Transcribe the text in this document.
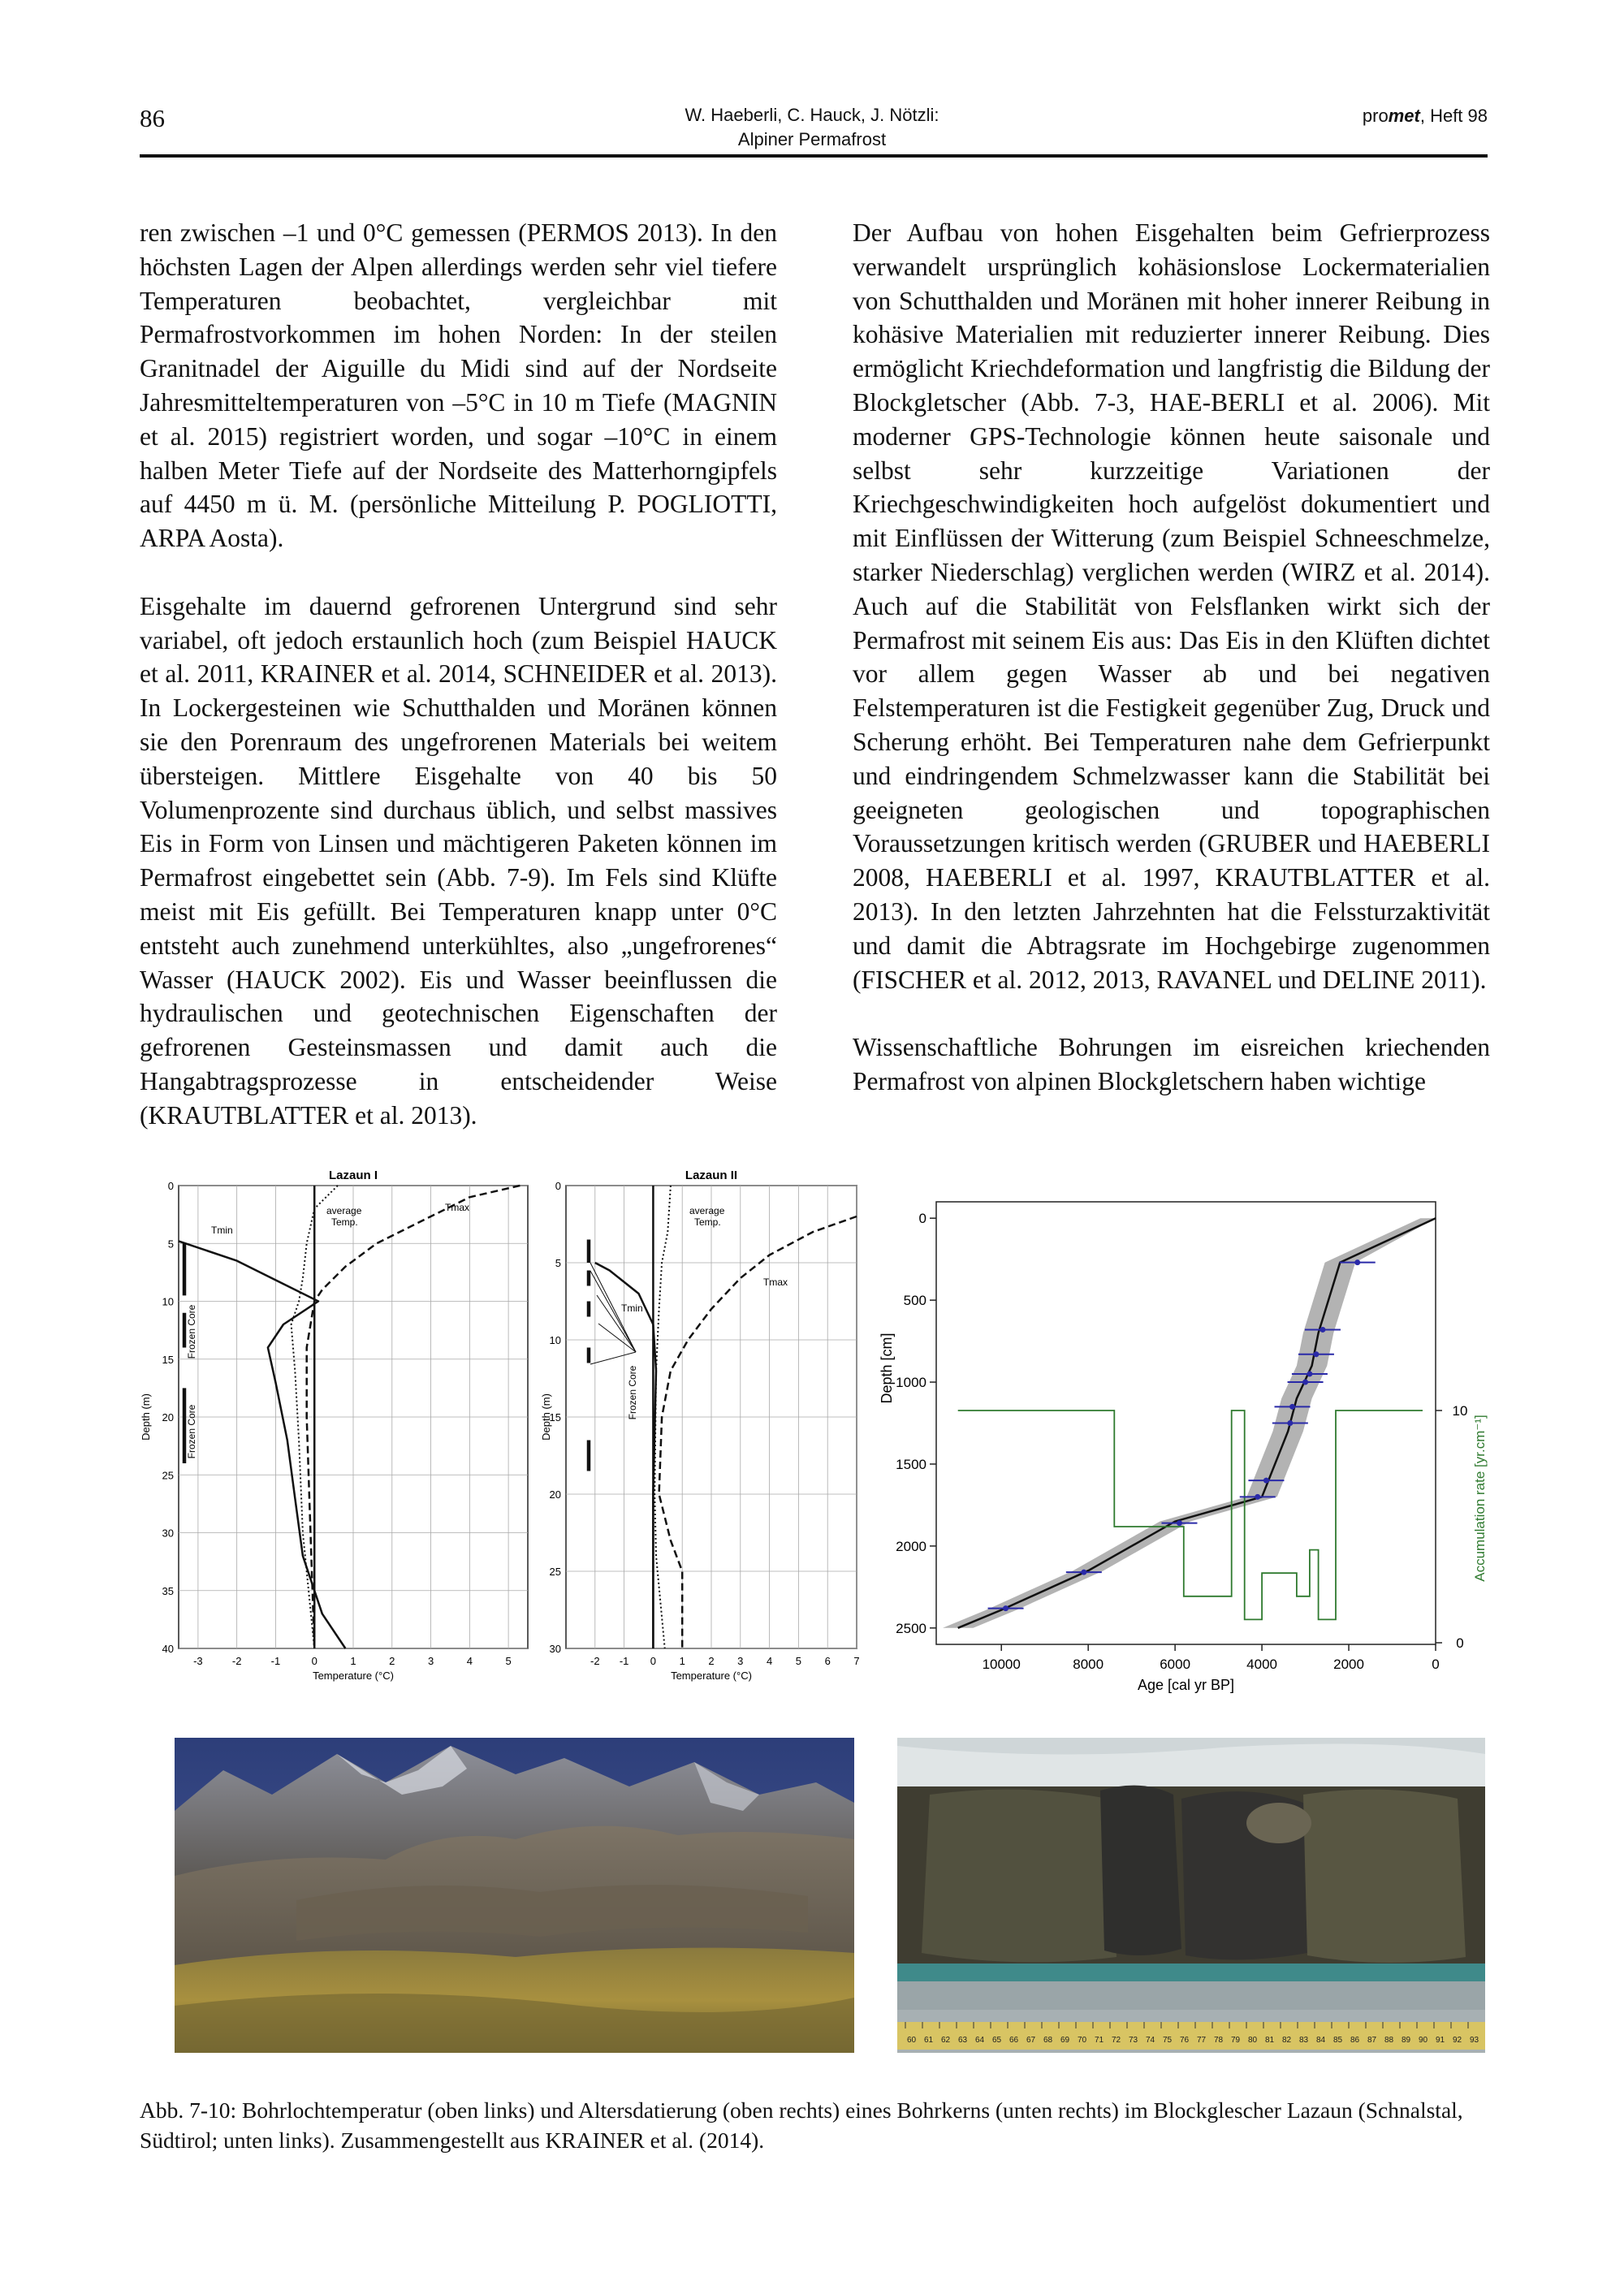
86	W. Haeberli, C. Hauck, J. Nötzli:
Alpiner Permafrost
promet, Heft 98

ren zwischen –1 und 0°C gemessen (PERMOS 2013). In den höchsten Lagen der Alpen allerdings werden sehr viel tiefere Temperaturen beobachtet, vergleichbar mit Permafrostvorkommen im hohen Norden: In der steilen Granitnadel der Aiguille du Midi sind auf der Nordseite Jahresmitteltemperaturen von –5°C in 10 m Tiefe (MAGNIN et al. 2015) registriert worden, und sogar –10°C in einem halben Meter Tiefe auf der Nordseite des Matterhorngipfels auf 4450 m ü. M. (persönliche Mitteilung P. POGLIOTTI, ARPA Aosta).

Eisgehalte im dauernd gefrorenen Untergrund sind sehr variabel, oft jedoch erstaunlich hoch (zum Beispiel HAUCK et al. 2011, KRAINER et al. 2014, SCHNEIDER et al. 2013). In Lockergesteinen wie Schutthalden und Moränen können sie den Porenraum des ungefrorenen Materials bei weitem übersteigen. Mittlere Eisgehalte von 40 bis 50 Volumenprozente sind durchaus üblich, und selbst massives Eis in Form von Linsen und mächtigeren Paketen können im Permafrost eingebettet sein (Abb. 7-9). Im Fels sind Klüfte meist mit Eis gefüllt. Bei Temperaturen knapp unter 0°C entsteht auch zunehmend unterkühltes, also „ungefrorenes“ Wasser (HAUCK 2002). Eis und Wasser beeinflussen die hydraulischen und geotechnischen Eigenschaften der gefrorenen Gesteinsmassen und damit auch die Hangabtragsprozesse in entscheidender Weise (KRAUTBLATTER et al. 2013).

Der Aufbau von hohen Eisgehalten beim Gefrierprozess verwandelt ursprünglich kohäsionslose Lockermaterialien von Schutthalden und Moränen mit hoher innerer Reibung in kohäsive Materialien mit reduzierter innerer Reibung. Dies ermöglicht Kriechdeformation und langfristig die Bildung der Blockgletscher (Abb. 7-3, HAE-BERLI et al. 2006). Mit moderner GPS-Technologie können heute saisonale und selbst sehr kurzzeitige Variationen der Kriechgeschwindigkeiten hoch aufgelöst dokumentiert und mit Einflüssen der Witterung (zum Beispiel Schneeschmelze, starker Niederschlag) verglichen werden (WIRZ et al. 2014). Auch auf die Stabilität von Felsflanken wirkt sich der Permafrost mit seinem Eis aus: Das Eis in den Klüften dichtet vor allem gegen Wasser ab und bei negativen Felstemperaturen ist die Festigkeit gegenüber Zug, Druck und Scherung erhöht. Bei Temperaturen nahe dem Gefrierpunkt und eindringendem Schmelzwasser kann die Stabilität bei geeigneten geologischen und topographischen Voraussetzungen kritisch werden (GRUBER und HAEBERLI 2008, HAEBERLI et al. 1997, KRAUTBLATTER et al. 2013). In den letzten Jahrzehnten hat die Felssturzaktivität und damit die Abtragsrate im Hochgebirge zugenommen (FISCHER et al. 2012, 2013, RAVANEL und DELINE 2011).

Wissenschaftliche Bohrungen im eisreichen kriechenden Permafrost von alpinen Blockgletschern haben wichtige

-3	-2	-1	0	1	2	3	4	5
0
5
10
15
20
25
30
35
40
Lazaun I
Temperature (°C)
Depth (m)
Tmin
Tmax
average Temp.
Frozen Core
Frozen Core
-2 -1 0 1 2 3 4 5 6 7
0
5
10
15
20
25
30
Lazaun II
Temperature (°C)
Depth (m)
Tmin
Tmax
average Temp.
Frozen Core
10000	8000	6000	4000	2000	0
0
500
1000
1500
2000
2500
0
10
Age [cal yr BP]
Depth [cm]
Accumulation rate [yr.cm⁻¹]
60 61 62 63 64 65 66 67 68 69 70 71 72 73 74 75 76 77 78 79 80 81 82 83 84 85 86 87 88 89 90 91 92 93
Abb. 7-10: Bohrlochtemperatur (oben links) und Altersdatierung (oben rechts) eines Bohrkerns (unten rechts) im Blockglescher Lazaun (Schnalstal, Südtirol; unten links). Zusammengestellt aus KRAINER et al. (2014).
